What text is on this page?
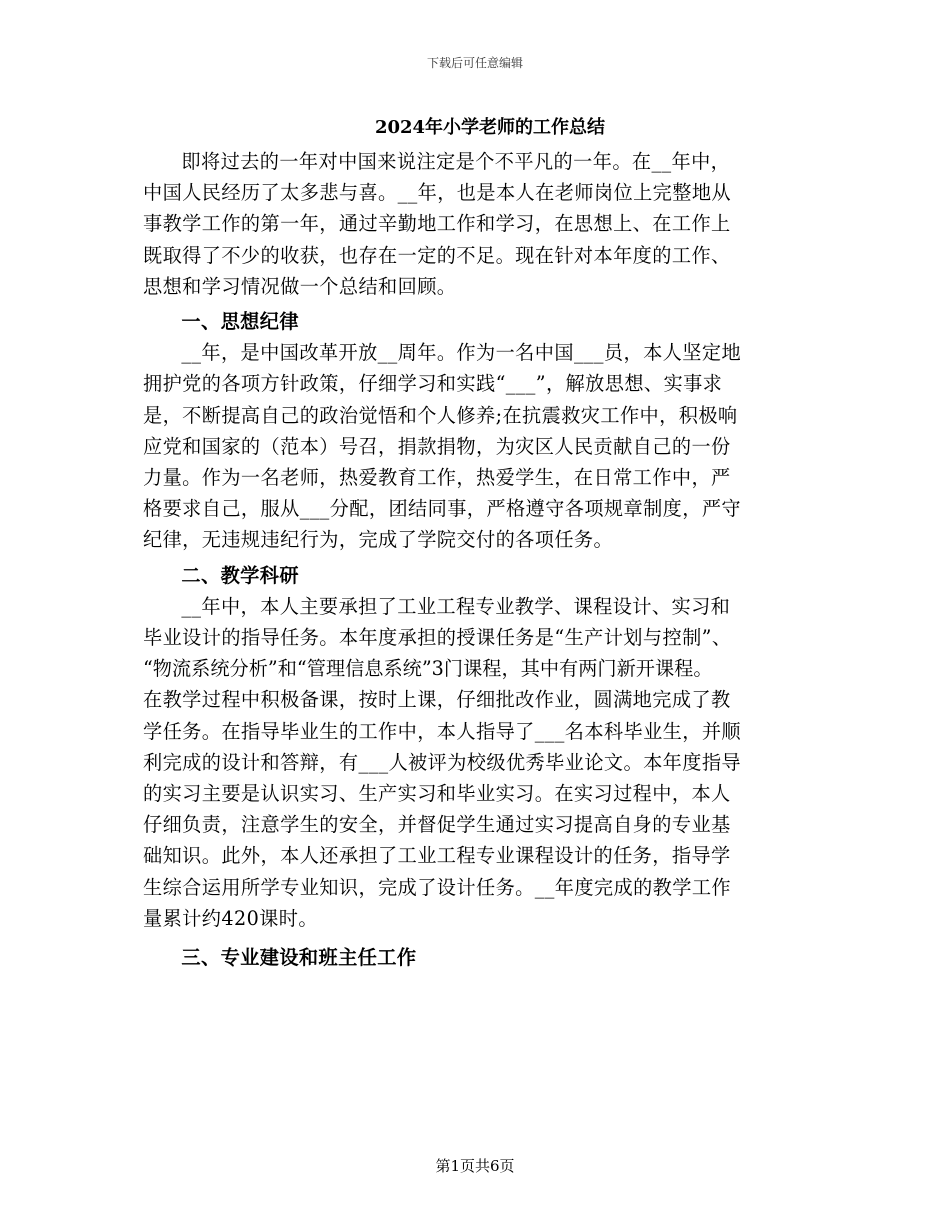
下载后可任意编辑
2024年小学老师的工作总结
即将过去的一年对中国来说注定是个不平凡的一年。在__年中，
中国人民经历了太多悲与喜。__年，也是本人在老师岗位上完整地从
事教学工作的第一年，通过辛勤地工作和学习，在思想上、在工作上
既取得了不少的收获，也存在一定的不足。现在针对本年度的工作、
思想和学习情况做一个总结和回顾。
一、思想纪律
__年，是中国改革开放__周年。作为一名中国___员，本人坚定地
拥护党的各项方针政策，仔细学习和实践“___”，解放思想、实事求
是，不断提高自己的政治觉悟和个人修养;在抗震救灾工作中，积极响
应党和国家的（范本）号召，捐款捐物，为灾区人民贡献自己的一份
力量。作为一名老师，热爱教育工作，热爱学生，在日常工作中，严
格要求自己，服从___分配，团结同事，严格遵守各项规章制度，严守
纪律，无违规违纪行为，完成了学院交付的各项任务。
二、教学科研
__年中，本人主要承担了工业工程专业教学、课程设计、实习和
毕业设计的指导任务。本年度承担的授课任务是“生产计划与控制”、
“物流系统分析”和“管理信息系统”3门课程，其中有两门新开课程。
在教学过程中积极备课，按时上课，仔细批改作业，圆满地完成了教
学任务。在指导毕业生的工作中，本人指导了___名本科毕业生，并顺
利完成的设计和答辩，有___人被评为校级优秀毕业论文。本年度指导
的实习主要是认识实习、生产实习和毕业实习。在实习过程中，本人
仔细负责，注意学生的安全，并督促学生通过实习提高自身的专业基
础知识。此外，本人还承担了工业工程专业课程设计的任务，指导学
生综合运用所学专业知识，完成了设计任务。__年度完成的教学工作
量累计约420课时。
三、专业建设和班主任工作
第1页共6页
